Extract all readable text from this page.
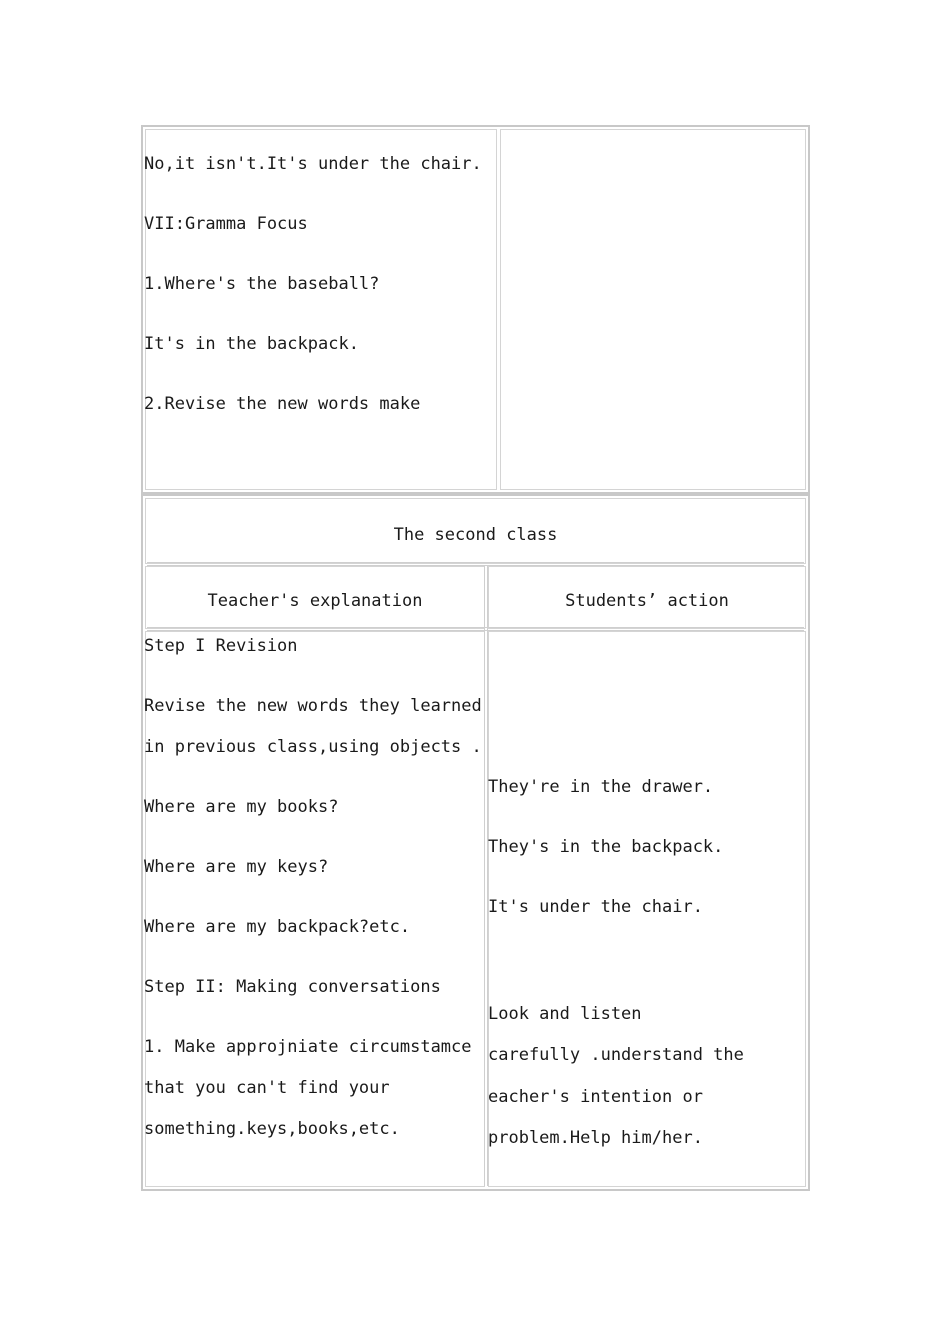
No,it isn't.It's under the chair.
VII:Gramma Focus
1.Where's the baseball?
It's in the backpack.
2.Revise the new words make
The second class
Teacher's explanation	Students’ action
Step I Revision
Revise the new words they learned
in previous class,using objects .
Where are my books?
Where are my keys?
Where are my backpack?etc.
Step II: Making conversations
1. Make approjniate circumstamce
that you can't find your
something.keys,books,etc.
They're in the drawer.
They's in the backpack.
It's under the chair.
Look and listen
carefully .understand the
eacher's intention or
problem.Help him/her.
